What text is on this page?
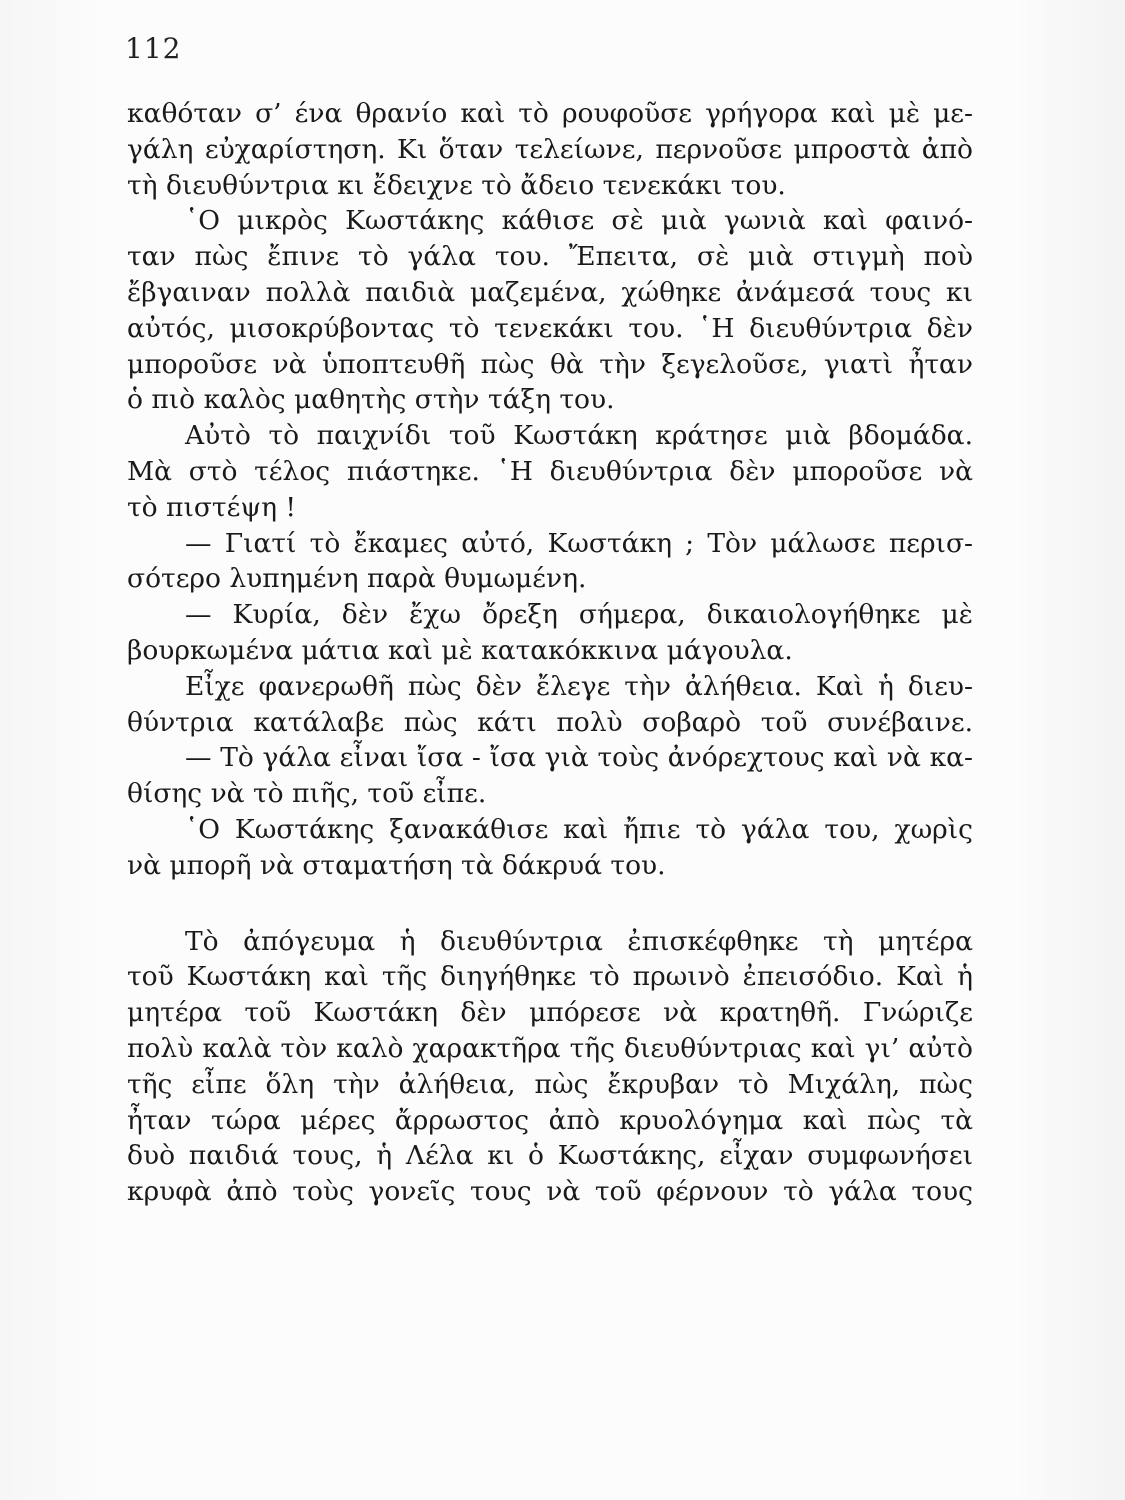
112
καθόταν σ’ ένα θρανίο καὶ τὸ ρουφοῦσε γρήγορα καὶ μὲ με-
γάλη εὐχαρίστηση. Κι ὅταν τελείωνε, περνοῦσε μπροστὰ ἀπὸ
τὴ διευθύντρια κι ἔδειχνε τὸ ἄδειο τενεκάκι του.
῾Ο μικρὸς Κωστάκης κάθισε σὲ μιὰ γωνιὰ καὶ φαινό-
ταν πὼς ἔπινε τὸ γάλα του. Ἔπειτα, σὲ μιὰ στιγμὴ ποὺ
ἔβγαιναν πολλὰ παιδιὰ μαζεμένα, χώθηκε ἀνάμεσά τους κι
αὐτός, μισοκρύβοντας τὸ τενεκάκι του. ῾Η διευθύντρια δὲν
μποροῦσε νὰ ὑποπτευθῆ πὼς θὰ τὴν ξεγελοῦσε, γιατὶ ἦταν
ὁ πιὸ καλὸς μαθητὴς στὴν τάξη του.
Αὐτὸ τὸ παιχνίδι τοῦ Κωστάκη κράτησε μιὰ βδομάδα.
Μὰ στὸ τέλος πιάστηκε. ῾Η διευθύντρια δὲν μποροῦσε νὰ
τὸ πιστέψη !
— Γιατί τὸ ἔκαμες αὐτό, Κωστάκη ; Τὸν μάλωσε περισ-
σότερο λυπημένη παρὰ θυμωμένη.
— Κυρία, δὲν ἔχω ὄρεξη σήμερα, δικαιολογήθηκε μὲ
βουρκωμένα μάτια καὶ μὲ κατακόκκινα μάγουλα.
Εἶχε φανερωθῆ πὼς δὲν ἔλεγε τὴν ἀλήθεια. Καὶ ἡ διευ-
θύντρια κατάλαβε πὼς κάτι πολὺ σοβαρὸ τοῦ συνέβαινε.
— Τὸ γάλα εἶναι ἴσα - ἴσα γιὰ τοὺς ἀνόρεχτους καὶ νὰ κα-
θίσης νὰ τὸ πιῆς, τοῦ εἶπε.
῾Ο Κωστάκης ξανακάθισε καὶ ἤπιε τὸ γάλα του, χωρὶς
νὰ μπορῆ νὰ σταματήση τὰ δάκρυά του.
Τὸ ἀπόγευμα ἡ διευθύντρια ἐπισκέφθηκε τὴ μητέρα
τοῦ Κωστάκη καὶ τῆς διηγήθηκε τὸ πρωινὸ ἐπεισόδιο. Καὶ ἡ
μητέρα τοῦ Κωστάκη δὲν μπόρεσε νὰ κρατηθῆ. Γνώριζε
πολὺ καλὰ τὸν καλὸ χαρακτῆρα τῆς διευθύντριας καὶ γι’ αὐτὸ
τῆς εἶπε ὅλη τὴν ἀλήθεια, πὼς ἔκρυβαν τὸ Μιχάλη, πὼς
ἦταν τώρα μέρες ἄρρωστος ἀπὸ κρυολόγημα καὶ πὼς τὰ
δυὸ παιδιά τους, ἡ Λέλα κι ὁ Κωστάκης, εἶχαν συμφωνήσει
κρυφὰ ἀπὸ τοὺς γονεῖς τους νὰ τοῦ φέρνουν τὸ γάλα τους
